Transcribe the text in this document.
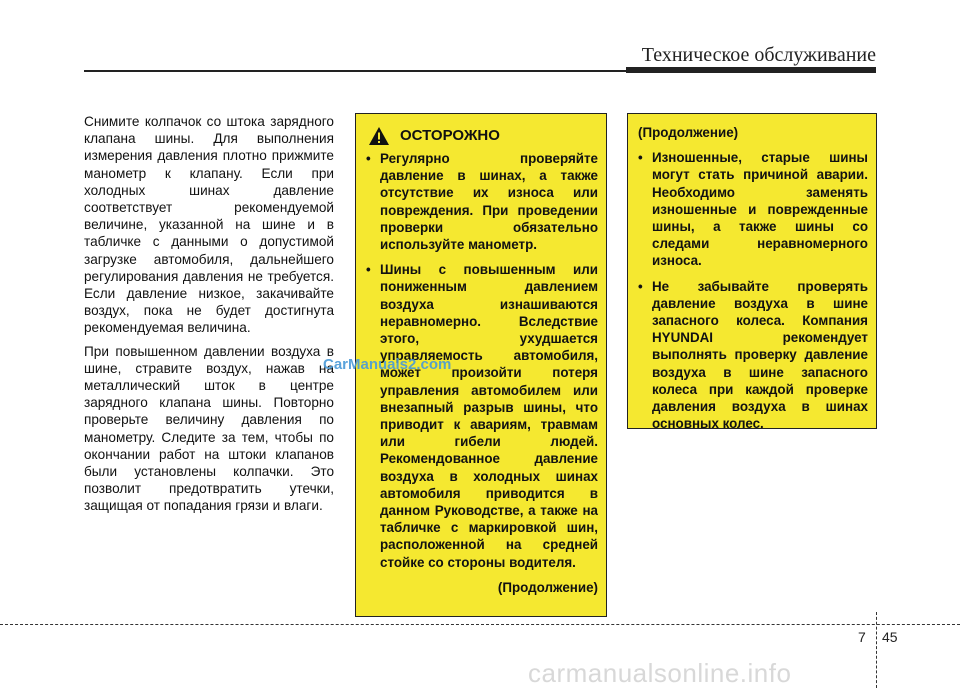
Техническое обслуживание

Снимите колпачок со штока зарядного клапана шины. Для выполнения измерения давления плотно прижмите манометр к клапану. Если при холодных шинах давление соответствует рекомендуемой величине, указанной на шине и в табличке с данными о допустимой загрузке автомобиля, дальнейшего регулирования давления не требуется. Если давление низкое, закачивайте воздух, пока не будет достигнута рекомендуемая величина.

При повышенном давлении воздуха в шине, стравите воздух, нажав на металлический шток в центре зарядного клапана шины. Повторно проверьте величину давления по манометру. Следите за тем, чтобы по окончании работ на штоки клапанов были установлены колпачки. Это позволит предотвратить утечки, защищая от попадания грязи и влаги.

ОСТОРОЖНО
• Регулярно проверяйте давление в шинах, а также отсутствие их износа или повреждения. При проведении проверки обязательно используйте манометр.
• Шины с повышенным или пониженным давлением воздуха изнашиваются неравномерно. Вследствие этого, ухудшается управляемость автомобиля, может произойти потеря управления автомобилем или внезапный разрыв шины, что приводит к авариям, травмам или гибели людей. Рекомендованное давление воздуха в холодных шинах автомобиля приводится в данном Руководстве, а также на табличке с маркировкой шин, расположенной на средней стойке со стороны водителя.
(Продолжение)
(Продолжение)
• Изношенные, старые шины могут стать причиной аварии. Необходимо заменять изношенные и поврежденные шины, а также шины со следами неравномерного износа.
• Не забывайте проверять давление воздуха в шине запасного колеса. Компания HYUNDAI рекомендует выполнять проверку давление воздуха в шине запасного колеса при каждой проверке давления воздуха в шинах основных колес.
CarManuals2.com
7 45
carmanualsonline.info
